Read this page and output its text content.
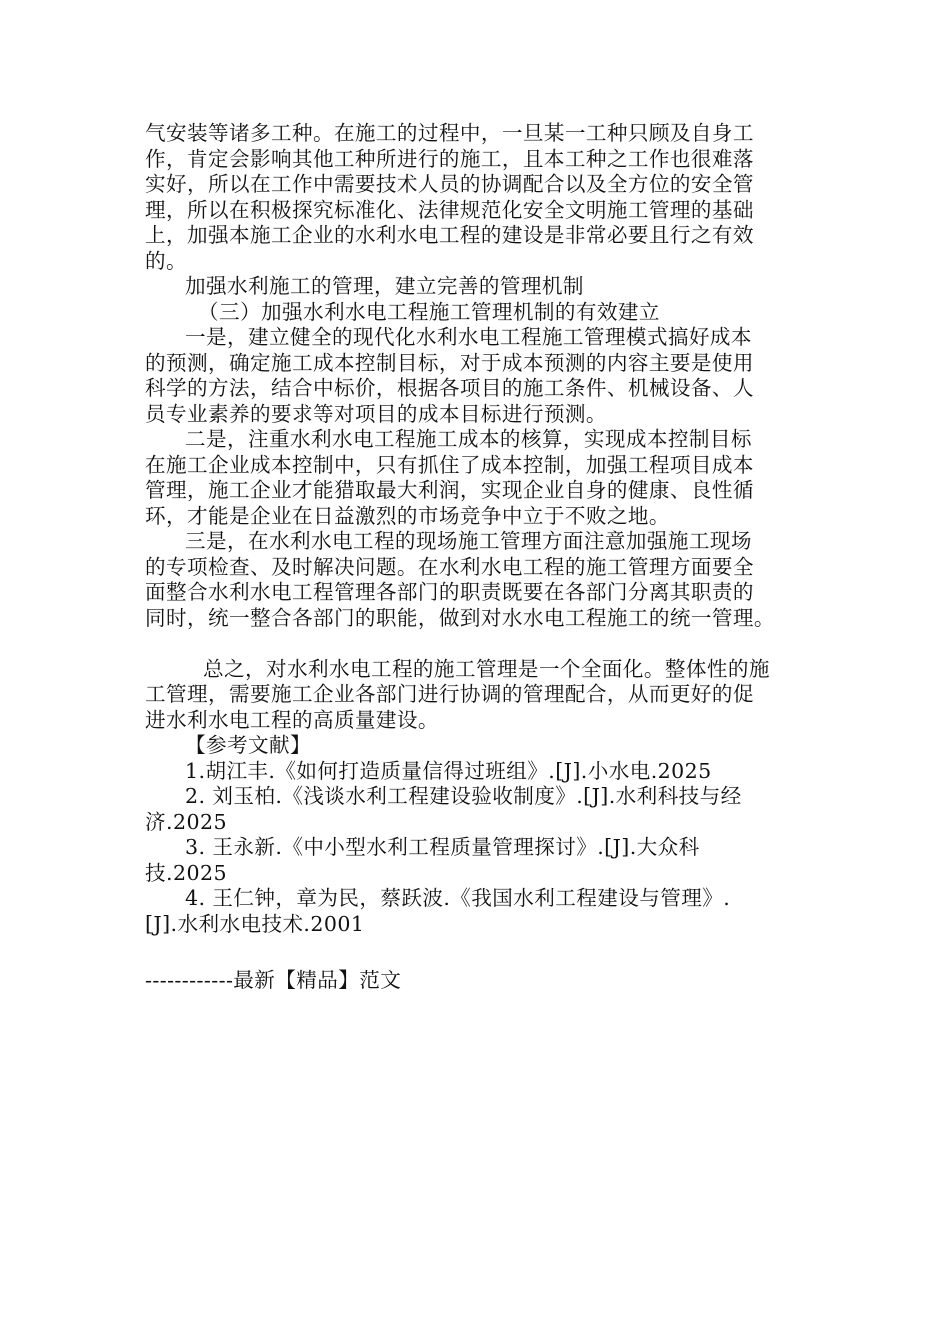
气安装等诸多工种。在施工的过程中，一旦某一工种只顾及自身工
作，肯定会影响其他工种所进行的施工，且本工种之工作也很难落
实好，所以在工作中需要技术人员的协调配合以及全方位的安全管
理，所以在积极探究标准化、法律规范化安全文明施工管理的基础
上，加强本施工企业的水利水电工程的建设是非常必要且行之有效
的。
加强水利施工的管理，建立完善的管理机制
（三）加强水利水电工程施工管理机制的有效建立
一是，建立健全的现代化水利水电工程施工管理模式搞好成本
的预测，确定施工成本控制目标，对于成本预测的内容主要是使用
科学的方法，结合中标价，根据各项目的施工条件、机械设备、人
员专业素养的要求等对项目的成本目标进行预测。
二是，注重水利水电工程施工成本的核算，实现成本控制目标
在施工企业成本控制中，只有抓住了成本控制，加强工程项目成本
管理，施工企业才能猎取最大利润，实现企业自身的健康、良性循
环，才能是企业在日益激烈的市场竞争中立于不败之地。
三是，在水利水电工程的现场施工管理方面注意加强施工现场
的专项检查、及时解决问题。在水利水电工程的施工管理方面要全
面整合水利水电工程管理各部门的职责既要在各部门分离其职责的
同时，统一整合各部门的职能，做到对水水电工程施工的统一管理。
总之，对水利水电工程的施工管理是一个全面化。整体性的施
工管理，需要施工企业各部门进行协调的管理配合，从而更好的促
进水利水电工程的高质量建设。
【参考文献】
1.胡江丰.《如何打造质量信得过班组》.[J].小水电.2025
2. 刘玉柏.《浅谈水利工程建设验收制度》.[J].水利科技与经
济.2025
3. 王永新.《中小型水利工程质量管理探讨》.[J].大众科
技.2025
4. 王仁钟，章为民，蔡跃波.《我国水利工程建设与管理》.
[J].水利水电技术.2001
------------最新【精品】范文
